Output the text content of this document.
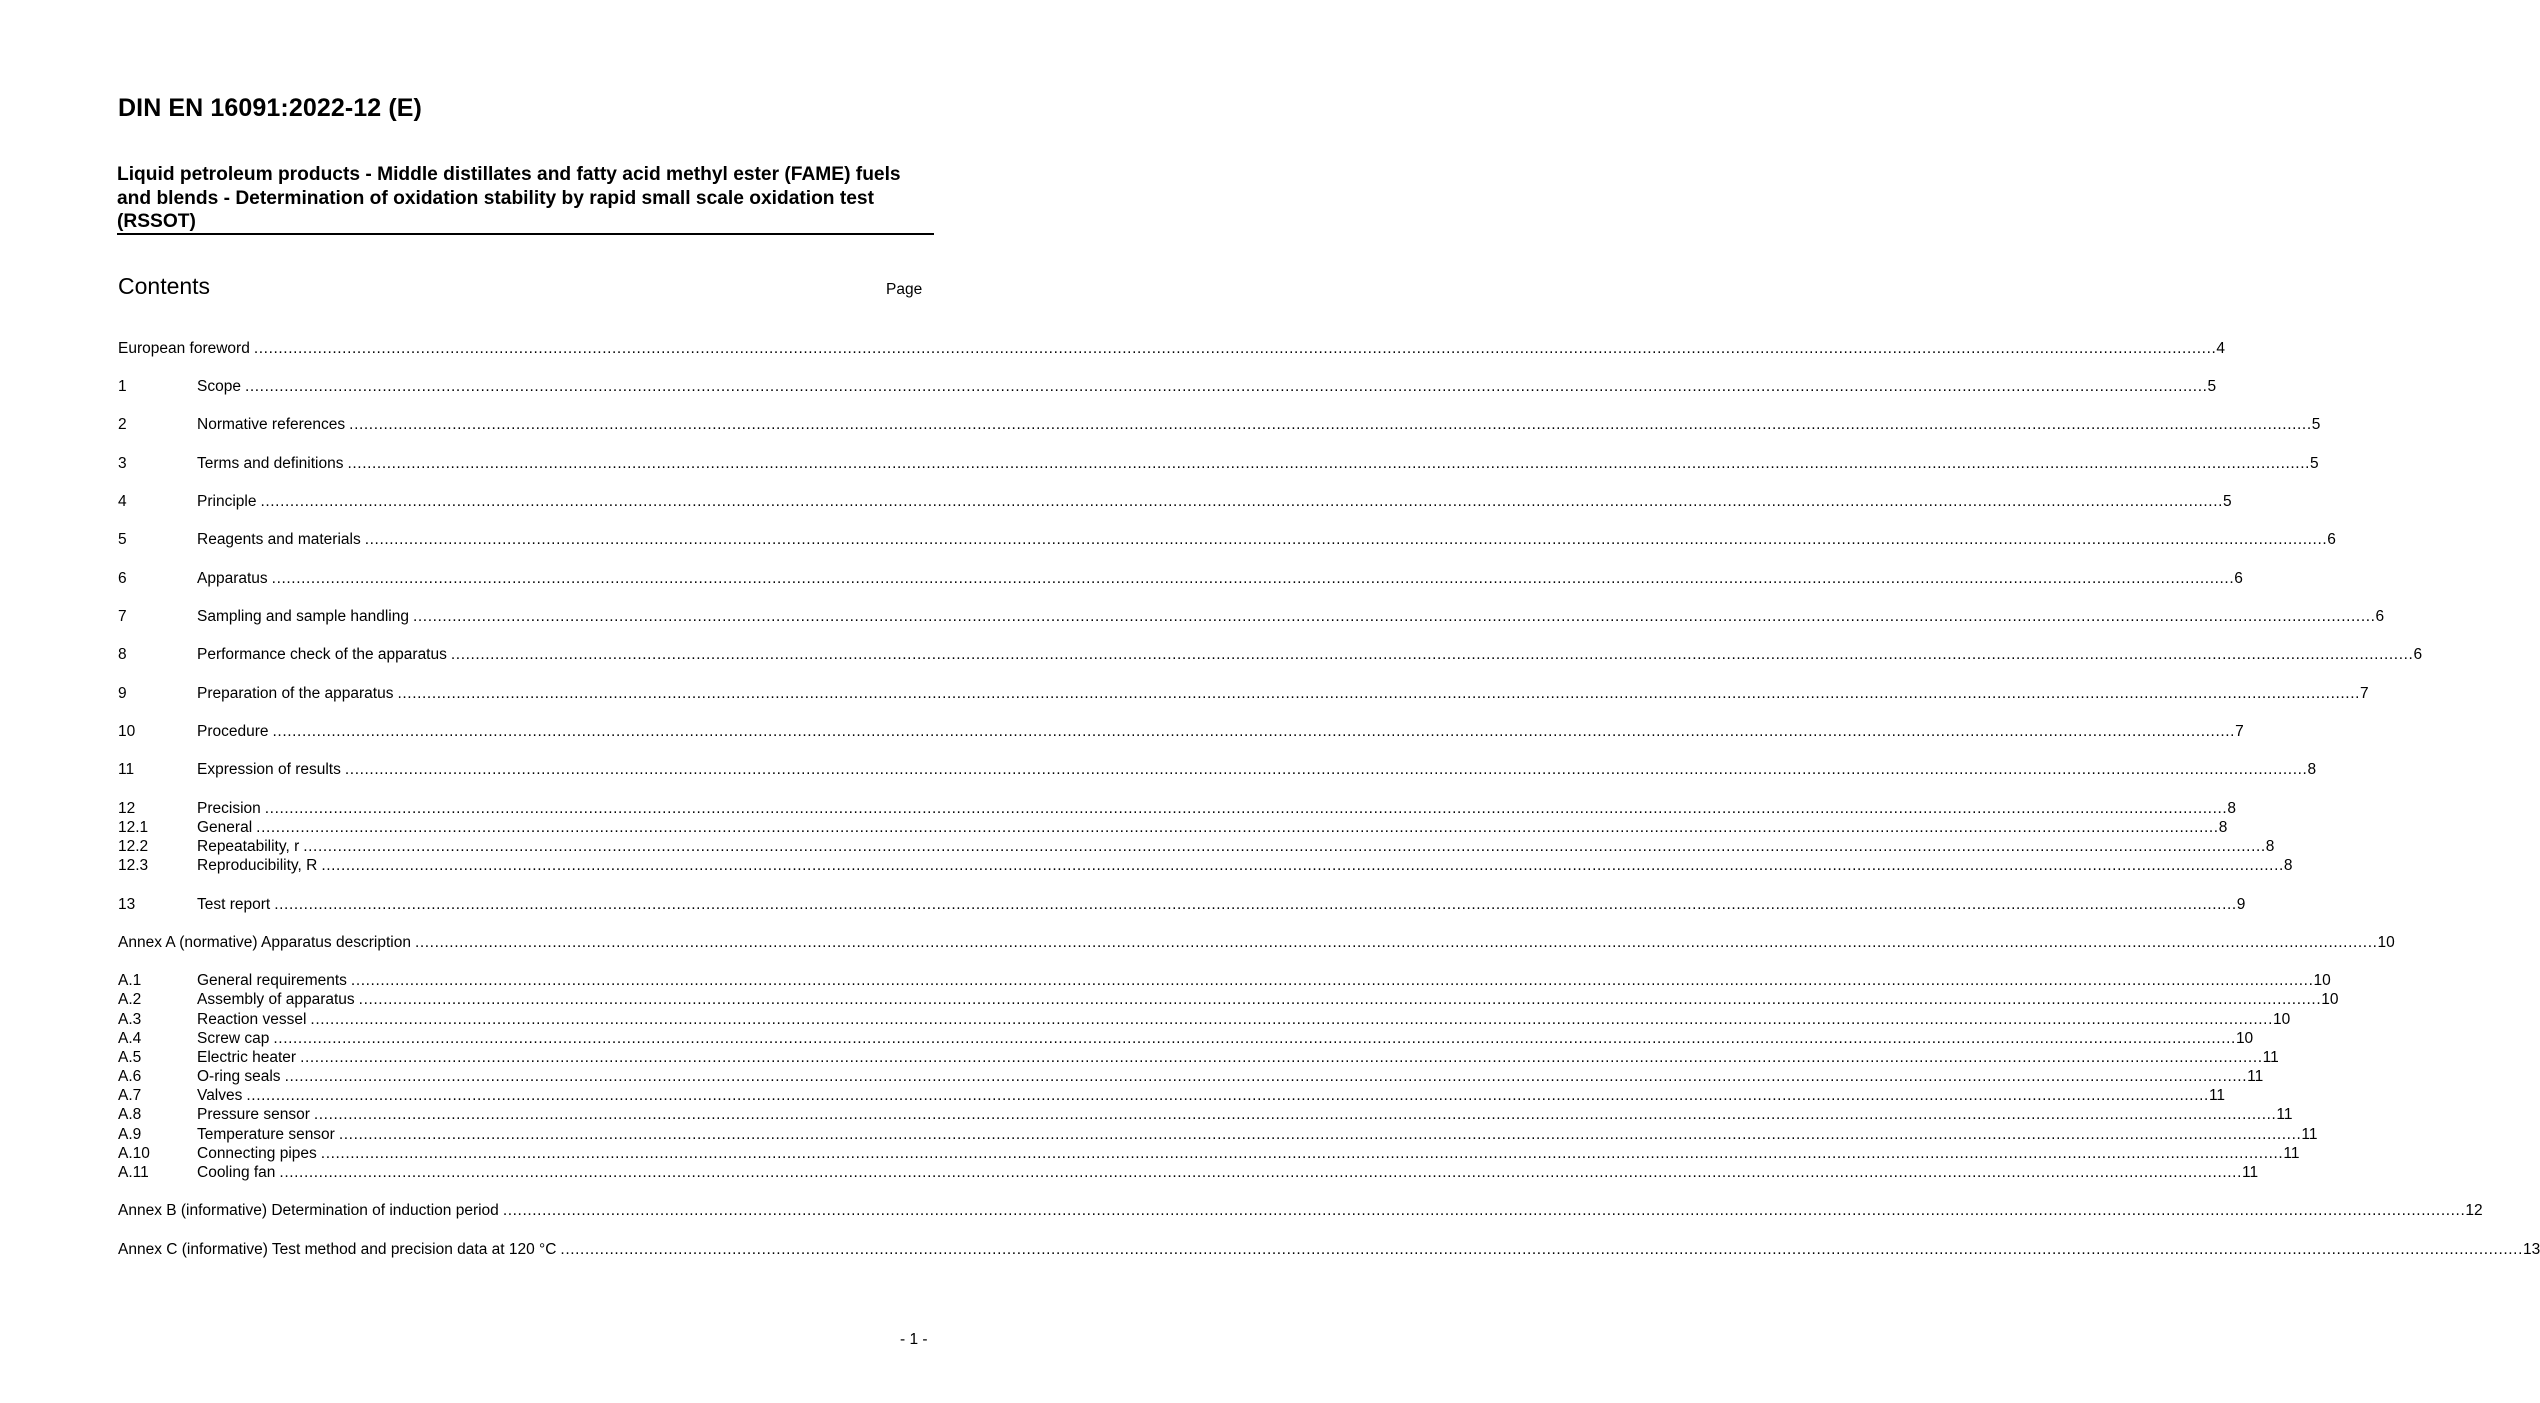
DIN EN 16091:2022-12 (E)
Liquid petroleum products - Middle distillates and fatty acid methyl ester (FAME) fuels and blends - Determination of oxidation stability by rapid small scale oxidation test (RSSOT)
Contents	Page
European foreword ................................................................................................................................................................................................................................................................................................................................................................................................................ 4
1	Scope ................................................................................................................................................................................................................................................................................................................................................................................................................ 5
2	Normative references ................................................................................................................................................................................................................................................................................................................................................................................................................ 5
3	Terms and definitions ................................................................................................................................................................................................................................................................................................................................................................................................................ 5
4	Principle ................................................................................................................................................................................................................................................................................................................................................................................................................ 5
5	Reagents and materials ................................................................................................................................................................................................................................................................................................................................................................................................................ 6
6	Apparatus ................................................................................................................................................................................................................................................................................................................................................................................................................ 6
7	Sampling and sample handling ................................................................................................................................................................................................................................................................................................................................................................................................................ 6
8	Performance check of the apparatus ................................................................................................................................................................................................................................................................................................................................................................................................................ 6
9	Preparation of the apparatus ................................................................................................................................................................................................................................................................................................................................................................................................................ 7
10	Procedure ................................................................................................................................................................................................................................................................................................................................................................................................................ 7
11	Expression of results ................................................................................................................................................................................................................................................................................................................................................................................................................ 8
12	Precision ................................................................................................................................................................................................................................................................................................................................................................................................................ 8
12.1	General ................................................................................................................................................................................................................................................................................................................................................................................................................ 8
12.2	Repeatability, r ................................................................................................................................................................................................................................................................................................................................................................................................................ 8
12.3	Reproducibility, R ................................................................................................................................................................................................................................................................................................................................................................................................................ 8
13	Test report ................................................................................................................................................................................................................................................................................................................................................................................................................ 9
Annex A (normative) Apparatus description ................................................................................................................................................................................................................................................................................................................................................................................................................ 10
A.1	General requirements ................................................................................................................................................................................................................................................................................................................................................................................................................ 10
A.2	Assembly of apparatus ................................................................................................................................................................................................................................................................................................................................................................................................................ 10
A.3	Reaction vessel ................................................................................................................................................................................................................................................................................................................................................................................................................ 10
A.4	Screw cap ................................................................................................................................................................................................................................................................................................................................................................................................................ 10
A.5	Electric heater ................................................................................................................................................................................................................................................................................................................................................................................................................ 11
A.6	O-ring seals ................................................................................................................................................................................................................................................................................................................................................................................................................ 11
A.7	Valves ................................................................................................................................................................................................................................................................................................................................................................................................................ 11
A.8	Pressure sensor ................................................................................................................................................................................................................................................................................................................................................................................................................ 11
A.9	Temperature sensor ................................................................................................................................................................................................................................................................................................................................................................................................................ 11
A.10	Connecting pipes ................................................................................................................................................................................................................................................................................................................................................................................................................ 11
A.11	Cooling fan ................................................................................................................................................................................................................................................................................................................................................................................................................ 11
Annex B (informative) Determination of induction period ................................................................................................................................................................................................................................................................................................................................................................................................................ 12
Annex C (informative) Test method and precision data at 120 °C ................................................................................................................................................................................................................................................................................................................................................................................................................ 13
- 1 -
